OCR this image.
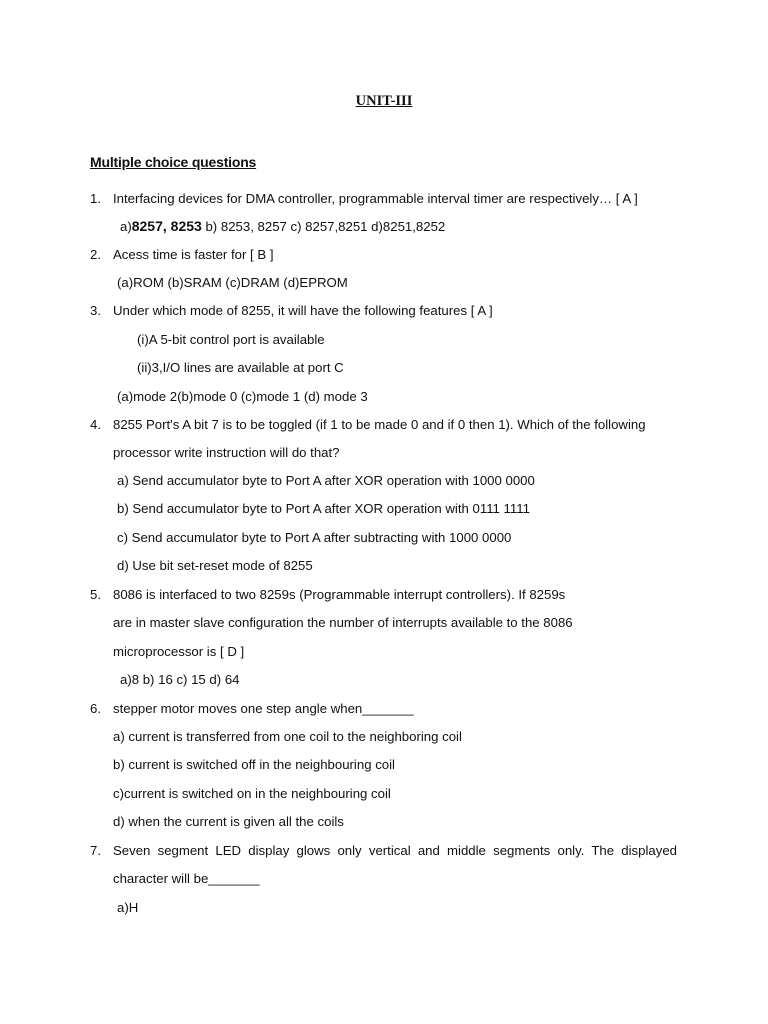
UNIT-III
Multiple choice questions
1. Interfacing devices for DMA controller, programmable interval timer are respectively… [ A ]
a)8257, 8253 b) 8253, 8257 c) 8257,8251 d)8251,8252
2. Acess time is faster for [ B ]
(a)ROM (b)SRAM (c)DRAM (d)EPROM
3. Under which mode of 8255, it will have the following features [ A ]
(i)A 5-bit control port is available
(ii)3,I/O lines are available at port C
(a)mode 2(b)mode 0 (c)mode 1 (d) mode 3
4. 8255 Port's A bit 7 is to be toggled (if 1 to be made 0 and if 0 then 1). Which of the following
processor write instruction will do that?
a) Send accumulator byte to Port A after XOR operation with 1000 0000
b) Send accumulator byte to Port A after XOR operation with 0111 1111
c) Send accumulator byte to Port A after subtracting with 1000 0000
d) Use bit set-reset mode of 8255
5. 8086 is interfaced to two 8259s (Programmable interrupt controllers). If 8259s
are in master slave configuration the number of interrupts available to the 8086
microprocessor is [ D ]
a)8 b) 16 c) 15 d) 64
6. stepper motor moves one step angle when_______
a) current is transferred from one coil to the neighboring coil
b) current is switched off in the neighbouring coil
c)current is switched on in the neighbouring coil
d) when the current is given all the coils
7. Seven segment LED display glows only vertical and middle segments only. The displayed
character will be_______
a)H
